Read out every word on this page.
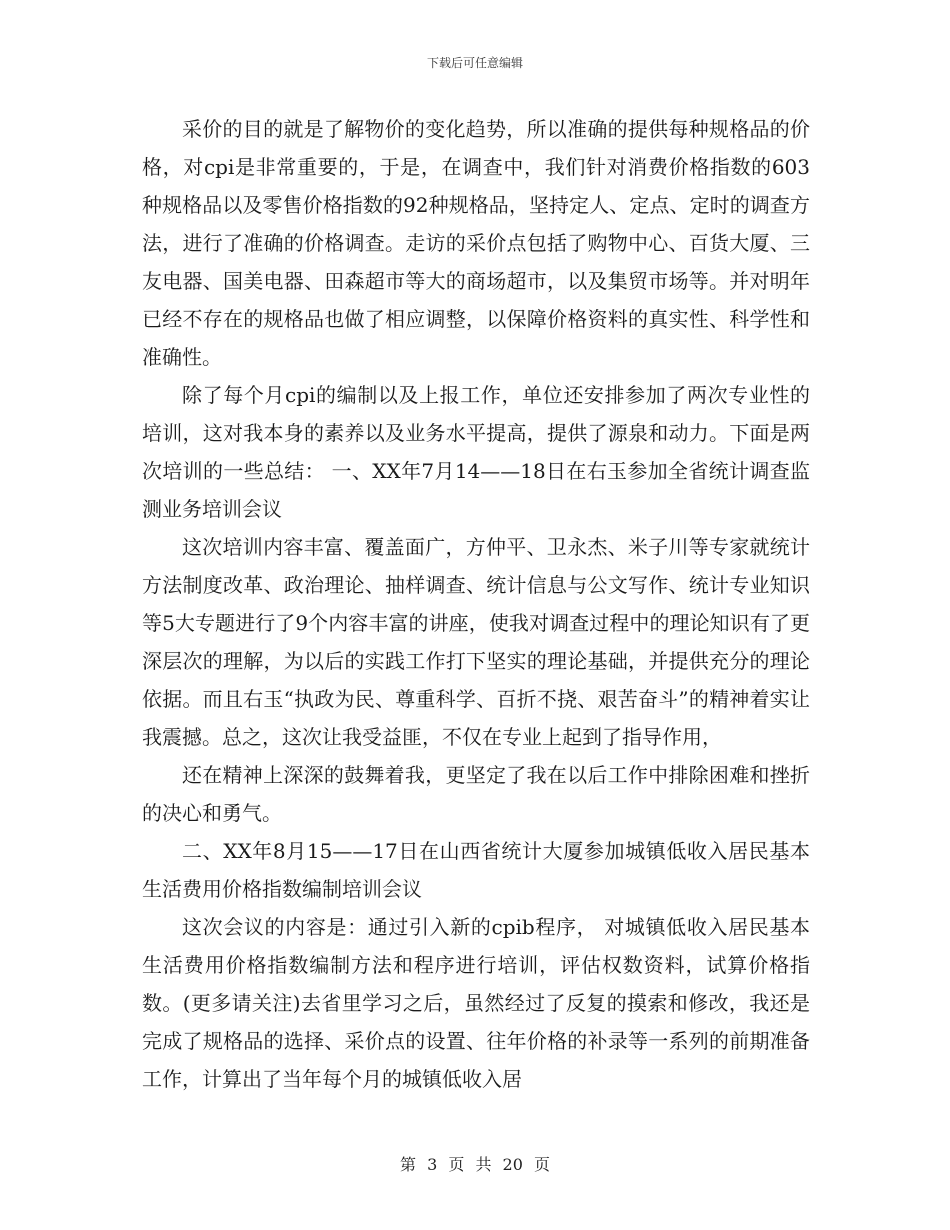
下载后可任意编辑

采价的目的就是了解物价的变化趋势，所以准确的提供每种规格品的价格，对cpi是非常重要的，于是，在调查中，我们针对消费价格指数的603种规格品以及零售价格指数的92种规格品，坚持定人、定点、定时的调查方法，进行了准确的价格调查。走访的采价点包括了购物中心、百货大厦、三友电器、国美电器、田森超市等大的商场超市，以及集贸市场等。并对明年已经不存在的规格品也做了相应调整，以保障价格资料的真实性、科学性和准确性。

除了每个月cpi的编制以及上报工作，单位还安排参加了两次专业性的培训，这对我本身的素养以及业务水平提高，提供了源泉和动力。下面是两次培训的一些总结： 一、XX年7月14——18日在右玉参加全省统计调查监测业务培训会议

这次培训内容丰富、覆盖面广，方仲平、卫永杰、米子川等专家就统计方法制度改革、政治理论、抽样调查、统计信息与公文写作、统计专业知识等5大专题进行了9个内容丰富的讲座，使我对调查过程中的理论知识有了更深层次的理解，为以后的实践工作打下坚实的理论基础，并提供充分的理论依据。而且右玉“执政为民、尊重科学、百折不挠、艰苦奋斗”的精神着实让我震撼。总之，这次让我受益匪，不仅在专业上起到了指导作用，

还在精神上深深的鼓舞着我，更坚定了我在以后工作中排除困难和挫折的决心和勇气。

二、XX年8月15——17日在山西省统计大厦参加城镇低收入居民基本生活费用价格指数编制培训会议

这次会议的内容是：通过引入新的cpib程序， 对城镇低收入居民基本生活费用价格指数编制方法和程序进行培训，评估权数资料，试算价格指数。(更多请关注)去省里学习之后，虽然经过了反复的摸索和修改，我还是完成了规格品的选择、采价点的设置、往年价格的补录等一系列的前期准备工作，计算出了当年每个月的城镇低收入居

第 3 页 共 20 页
